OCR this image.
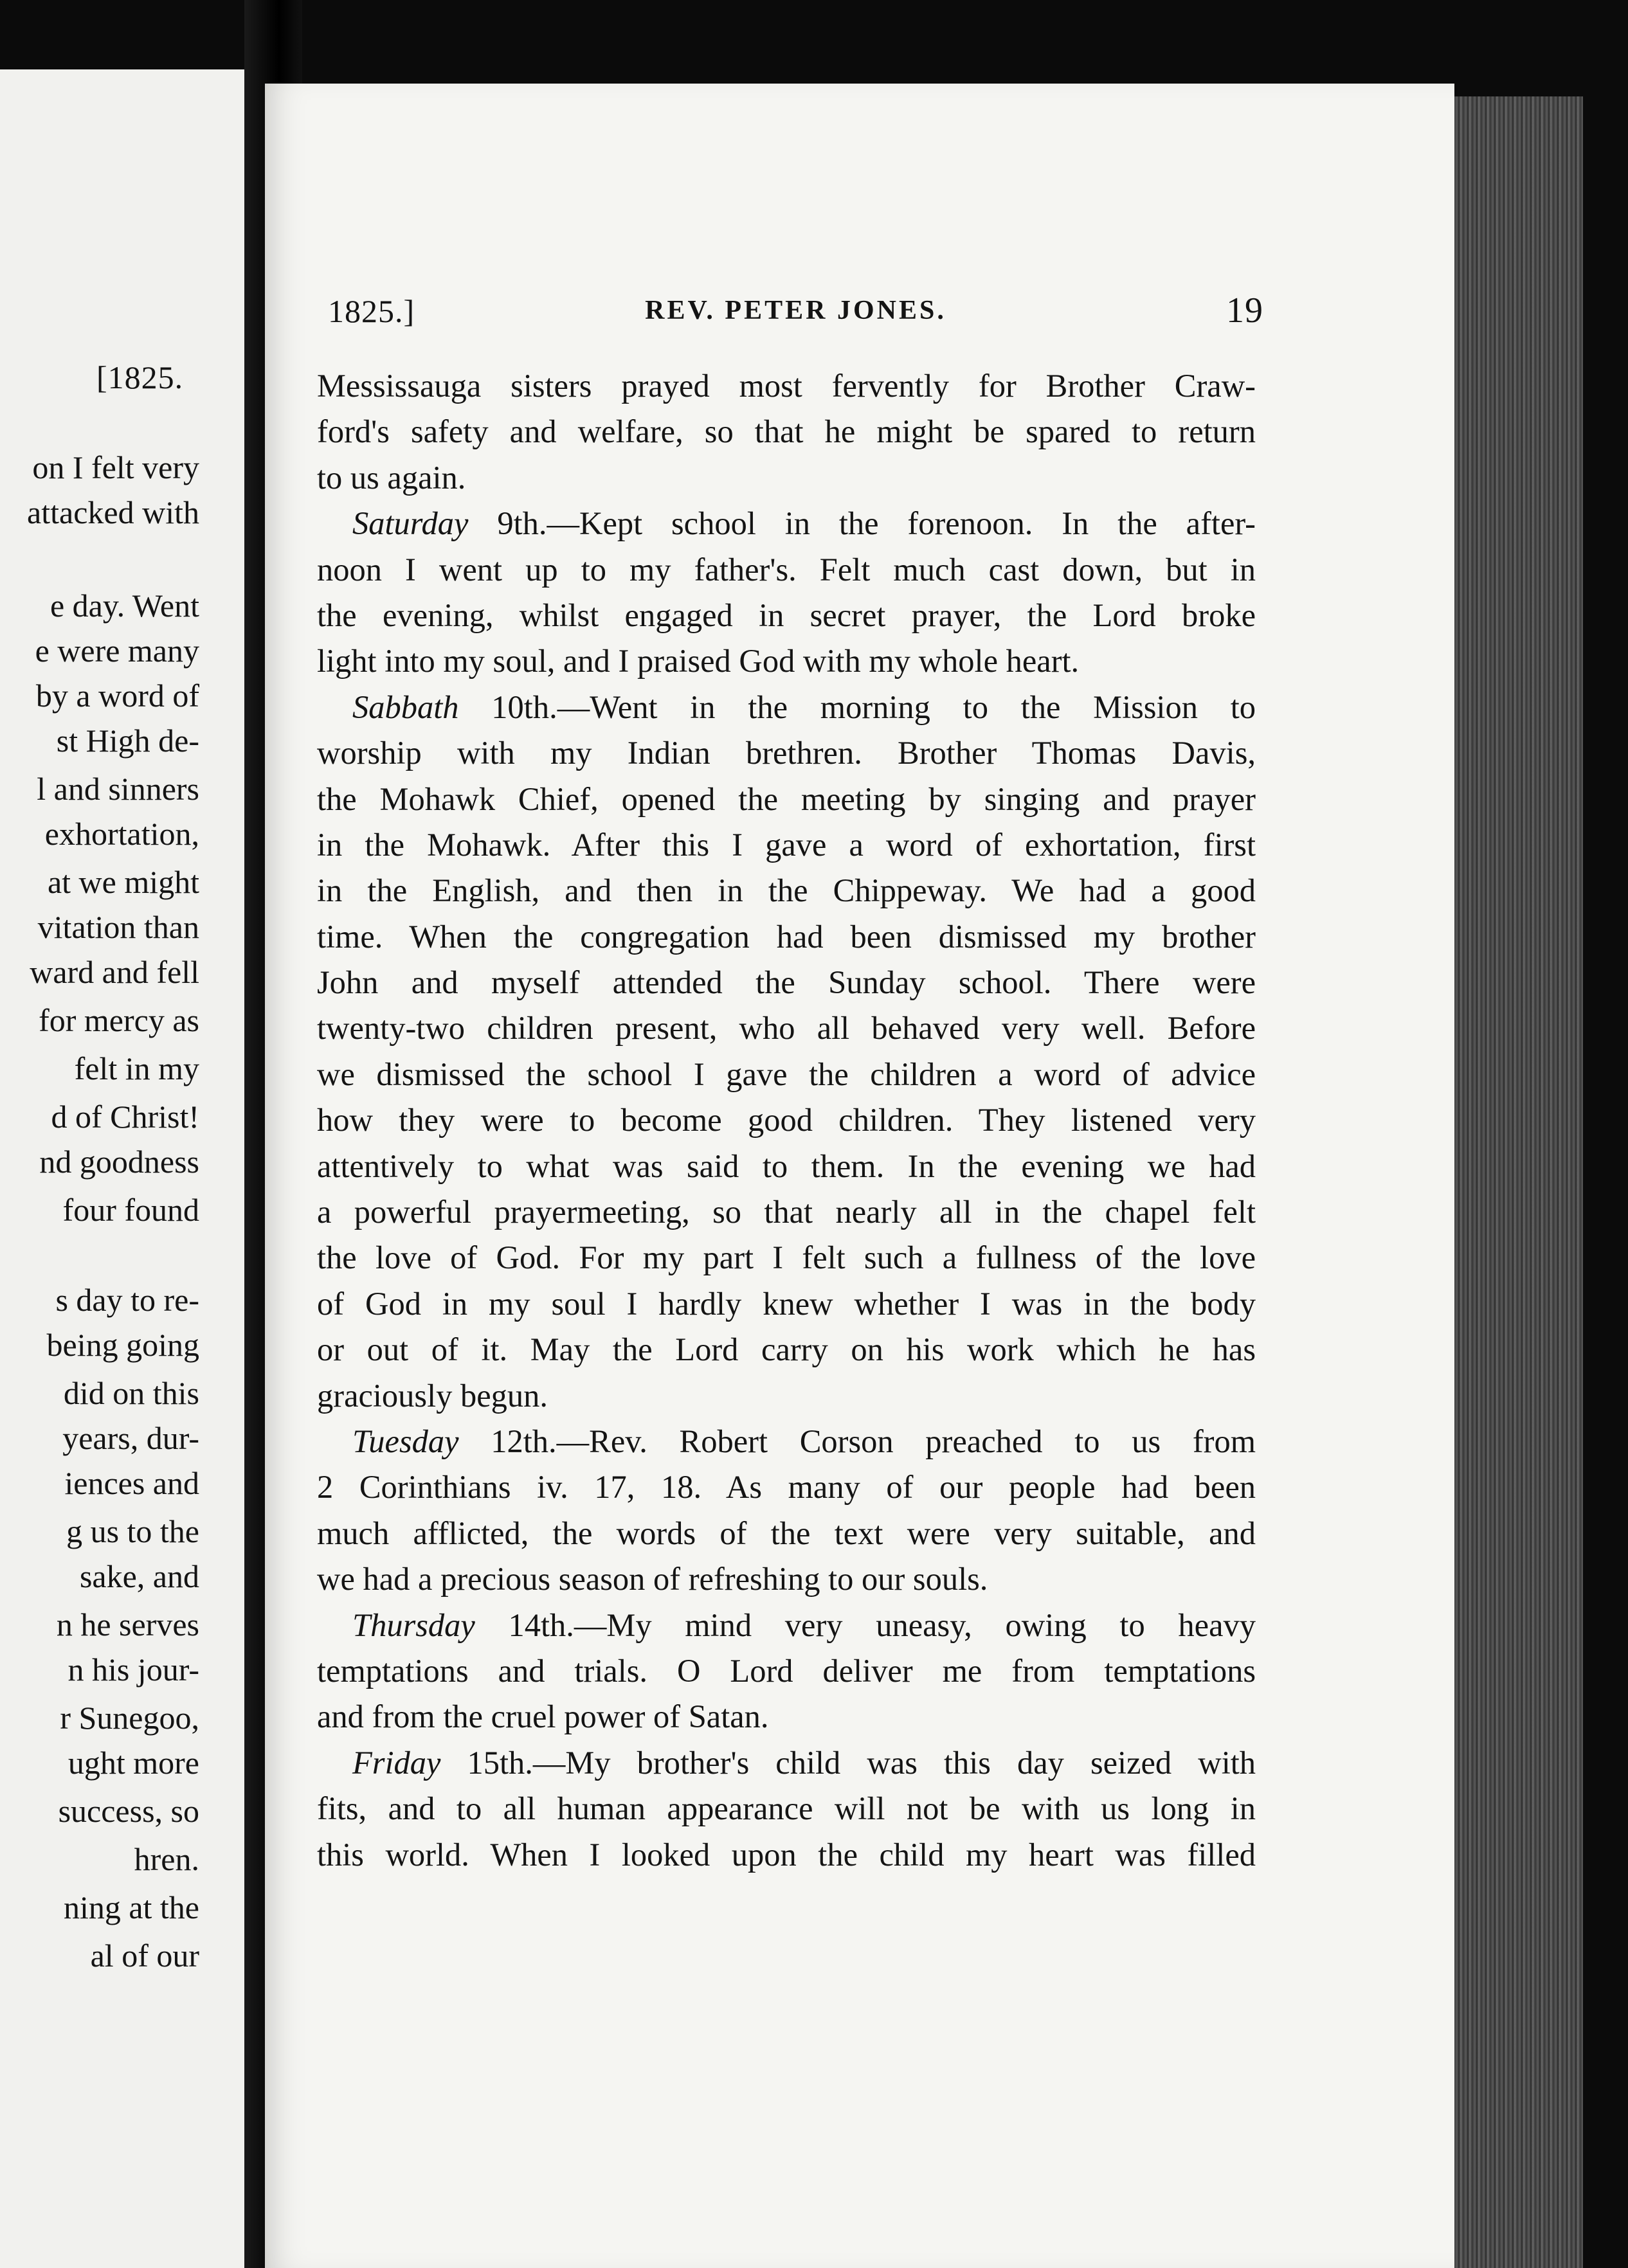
[1825.
on I felt very
attacked with
e day. Went
e were many
by a word of
st High de-
l and sinners
exhortation,
at we might
vitation than
ward and fell
for mercy as
felt in my
d of Christ!
nd goodness
four found
s day to re-
being going
did on this
years, dur-
iences and
g us to the
sake, and
n he serves
n his jour-
r Sunegoo,
ught more
success, so
hren.
ning at the
al of our
1825.]	REV. PETER JONES.	19
Messissauga sisters prayed most fervently for Brother Craw-
ford's safety and welfare, so that he might be spared to return
to us again.
Saturday 9th.—Kept school in the forenoon. In the after-
noon I went up to my father's. Felt much cast down, but in
the evening, whilst engaged in secret prayer, the Lord broke
light into my soul, and I praised God with my whole heart.
Sabbath 10th.—Went in the morning to the Mission to
worship with my Indian brethren. Brother Thomas Davis,
the Mohawk Chief, opened the meeting by singing and prayer
in the Mohawk. After this I gave a word of exhortation, first
in the English, and then in the Chippeway. We had a good
time. When the congregation had been dismissed my brother
John and myself attended the Sunday school. There were
twenty-two children present, who all behaved very well. Before
we dismissed the school I gave the children a word of advice
how they were to become good children. They listened very
attentively to what was said to them. In the evening we had
a powerful prayermeeting, so that nearly all in the chapel felt
the love of God. For my part I felt such a fullness of the love
of God in my soul I hardly knew whether I was in the body
or out of it. May the Lord carry on his work which he has
graciously begun.
Tuesday 12th.—Rev. Robert Corson preached to us from
2 Corinthians iv. 17, 18. As many of our people had been
much afflicted, the words of the text were very suitable, and
we had a precious season of refreshing to our souls.
Thursday 14th.—My mind very uneasy, owing to heavy
temptations and trials. O Lord deliver me from temptations
and from the cruel power of Satan.
Friday 15th.—My brother's child was this day seized with
fits, and to all human appearance will not be with us long in
this world. When I looked upon the child my heart was filled
